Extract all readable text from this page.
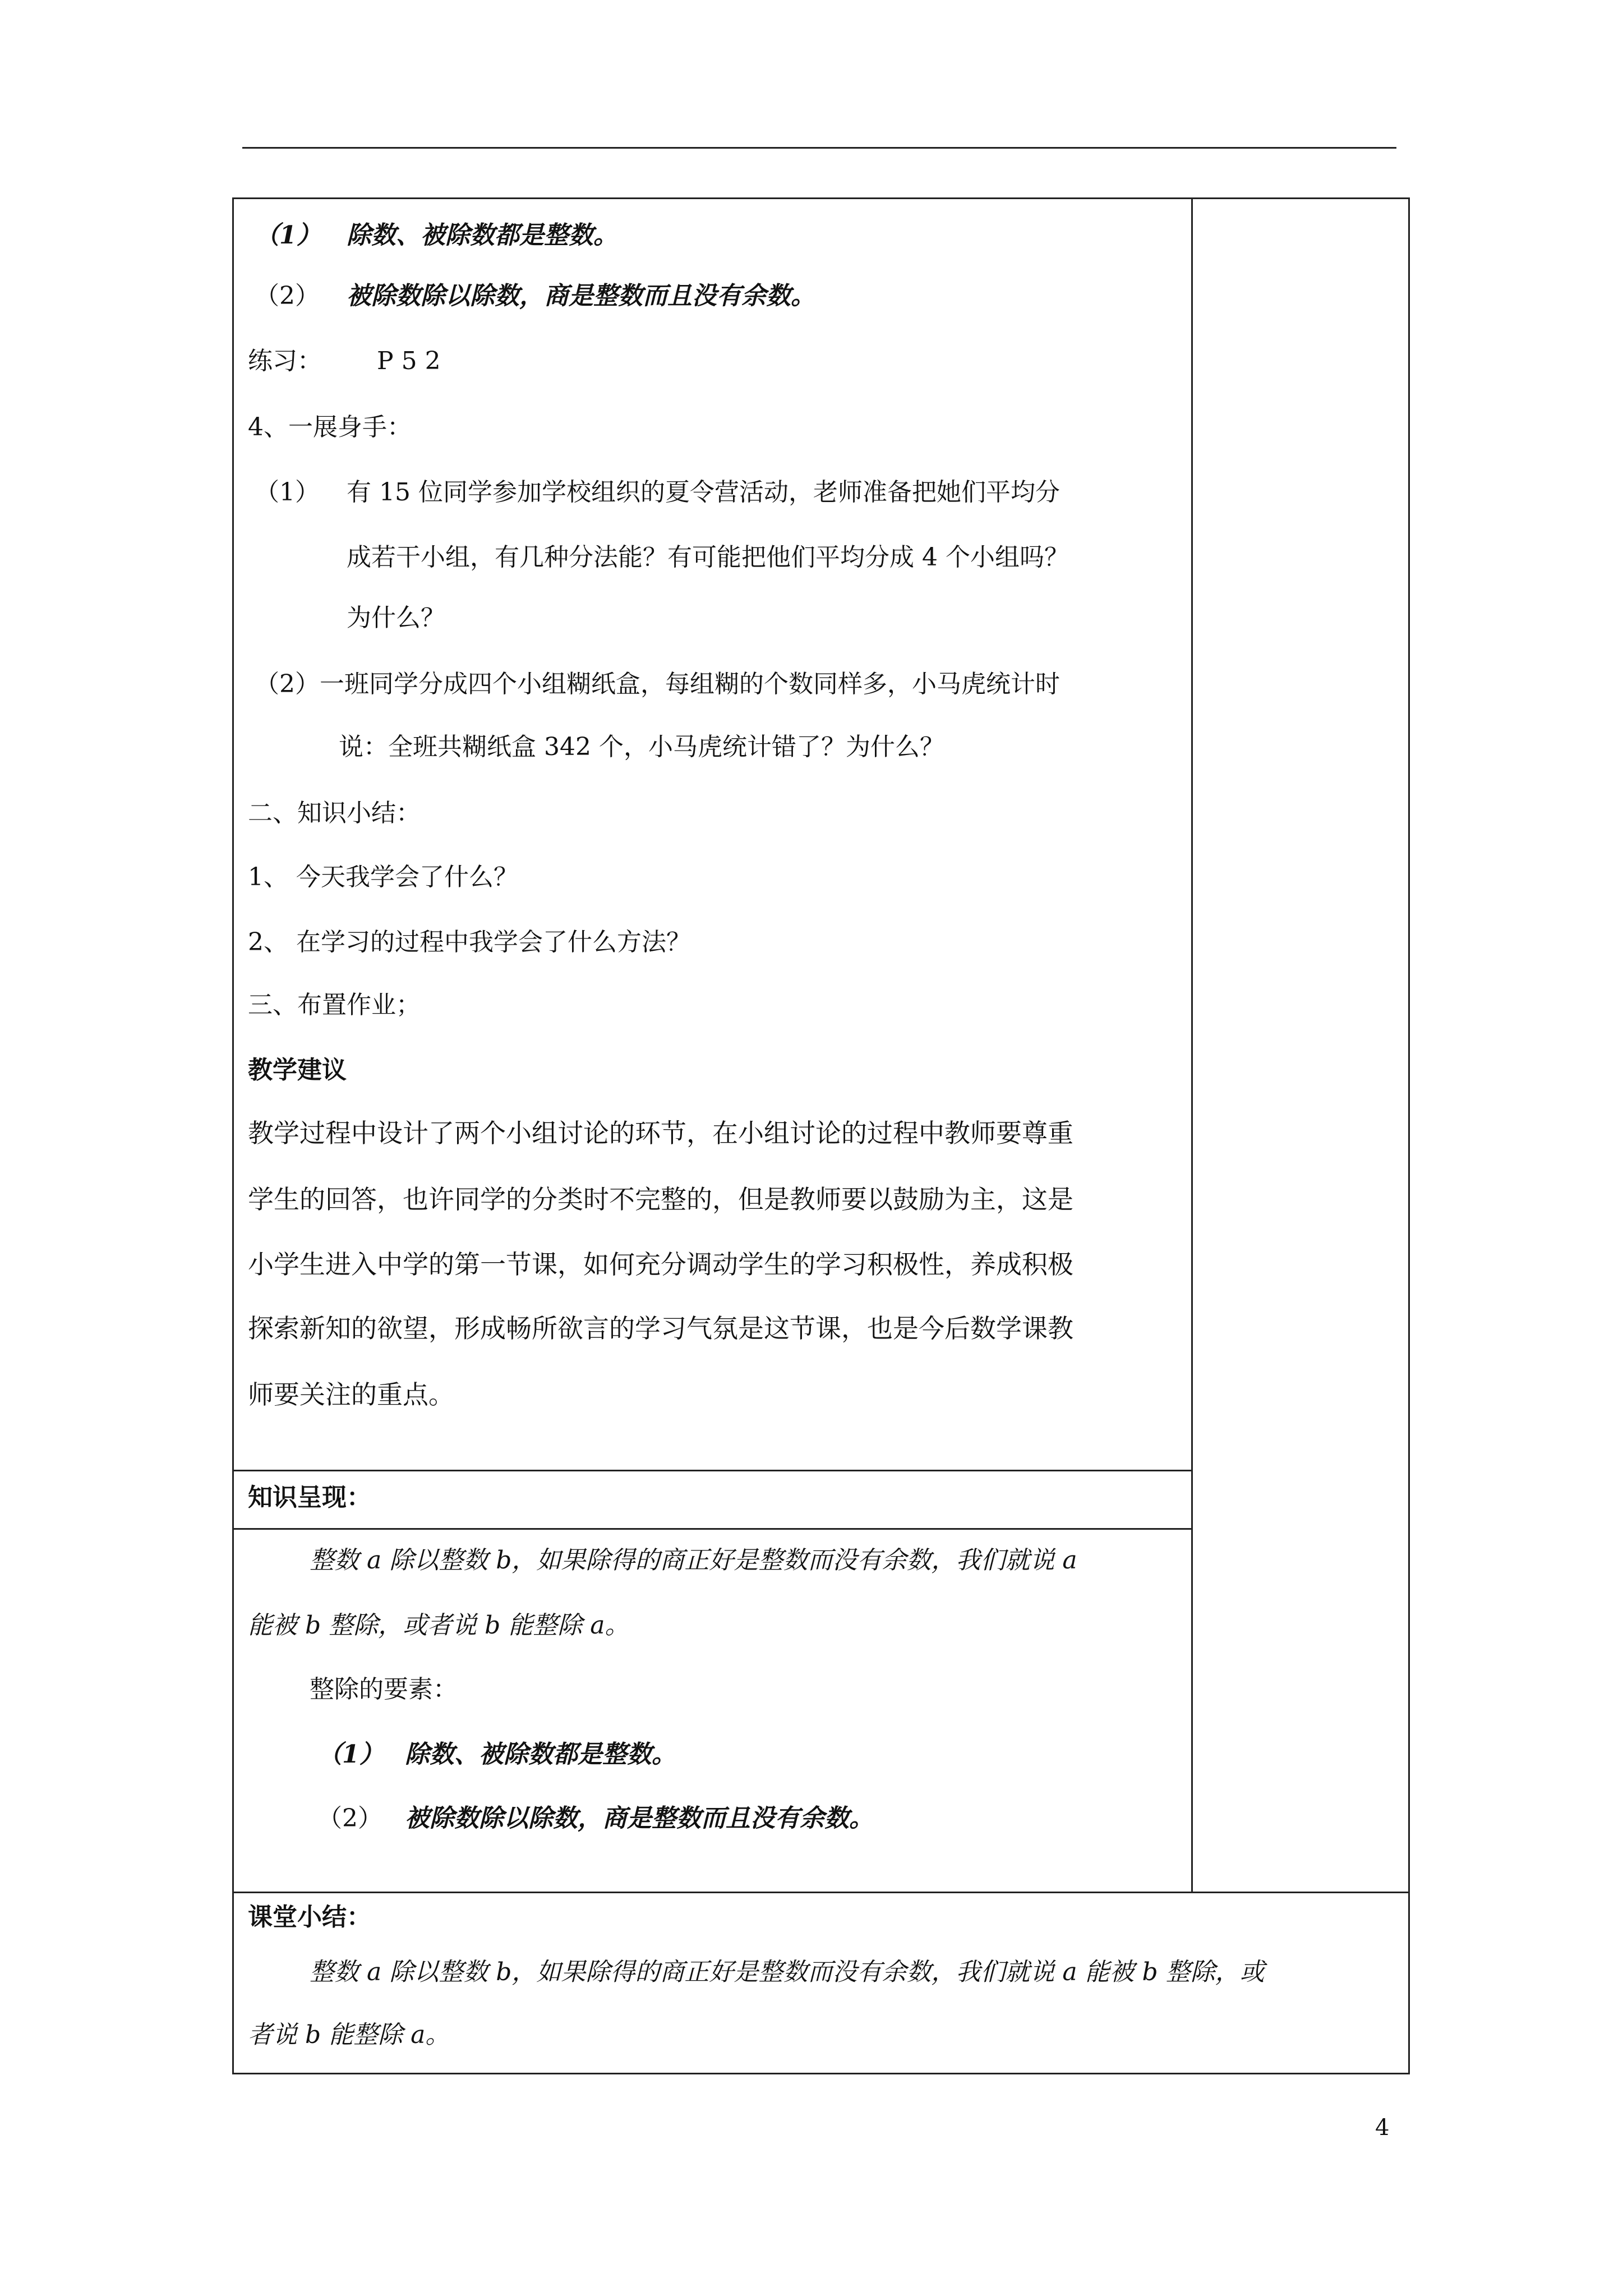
（1） 除数、被除数都是整数。
（2） 被除数除以除数，商是整数而且没有余数。
练习： P 5 2
4、一展身手：
（1） 有 15 位同学参加学校组织的夏令营活动，老师准备把她们平均分
成若干小组，有几种分法能？有可能把他们平均分成 4 个小组吗？
为什么？
（2）一班同学分成四个小组糊纸盒，每组糊的个数同样多，小马虎统计时
说：全班共糊纸盒 342 个，小马虎统计错了？为什么？
二、知识小结：
1、 今天我学会了什么？
2、 在学习的过程中我学会了什么方法？
三、布置作业；
教学建议
教学过程中设计了两个小组讨论的环节，在小组讨论的过程中教师要尊重
学生的回答，也许同学的分类时不完整的，但是教师要以鼓励为主，这是
小学生进入中学的第一节课，如何充分调动学生的学习积极性，养成积极
探索新知的欲望，形成畅所欲言的学习气氛是这节课，也是今后数学课教
师要关注的重点。
知识呈现：
整数 a 除以整数 b，如果除得的商正好是整数而没有余数，我们就说 a
能被 b 整除，或者说 b 能整除 a。
整除的要素：
（1） 除数、被除数都是整数。
（2） 被除数除以除数，商是整数而且没有余数。
课堂小结：
整数 a 除以整数 b，如果除得的商正好是整数而没有余数，我们就说 a 能被 b 整除，或
者说 b 能整除 a。
4
